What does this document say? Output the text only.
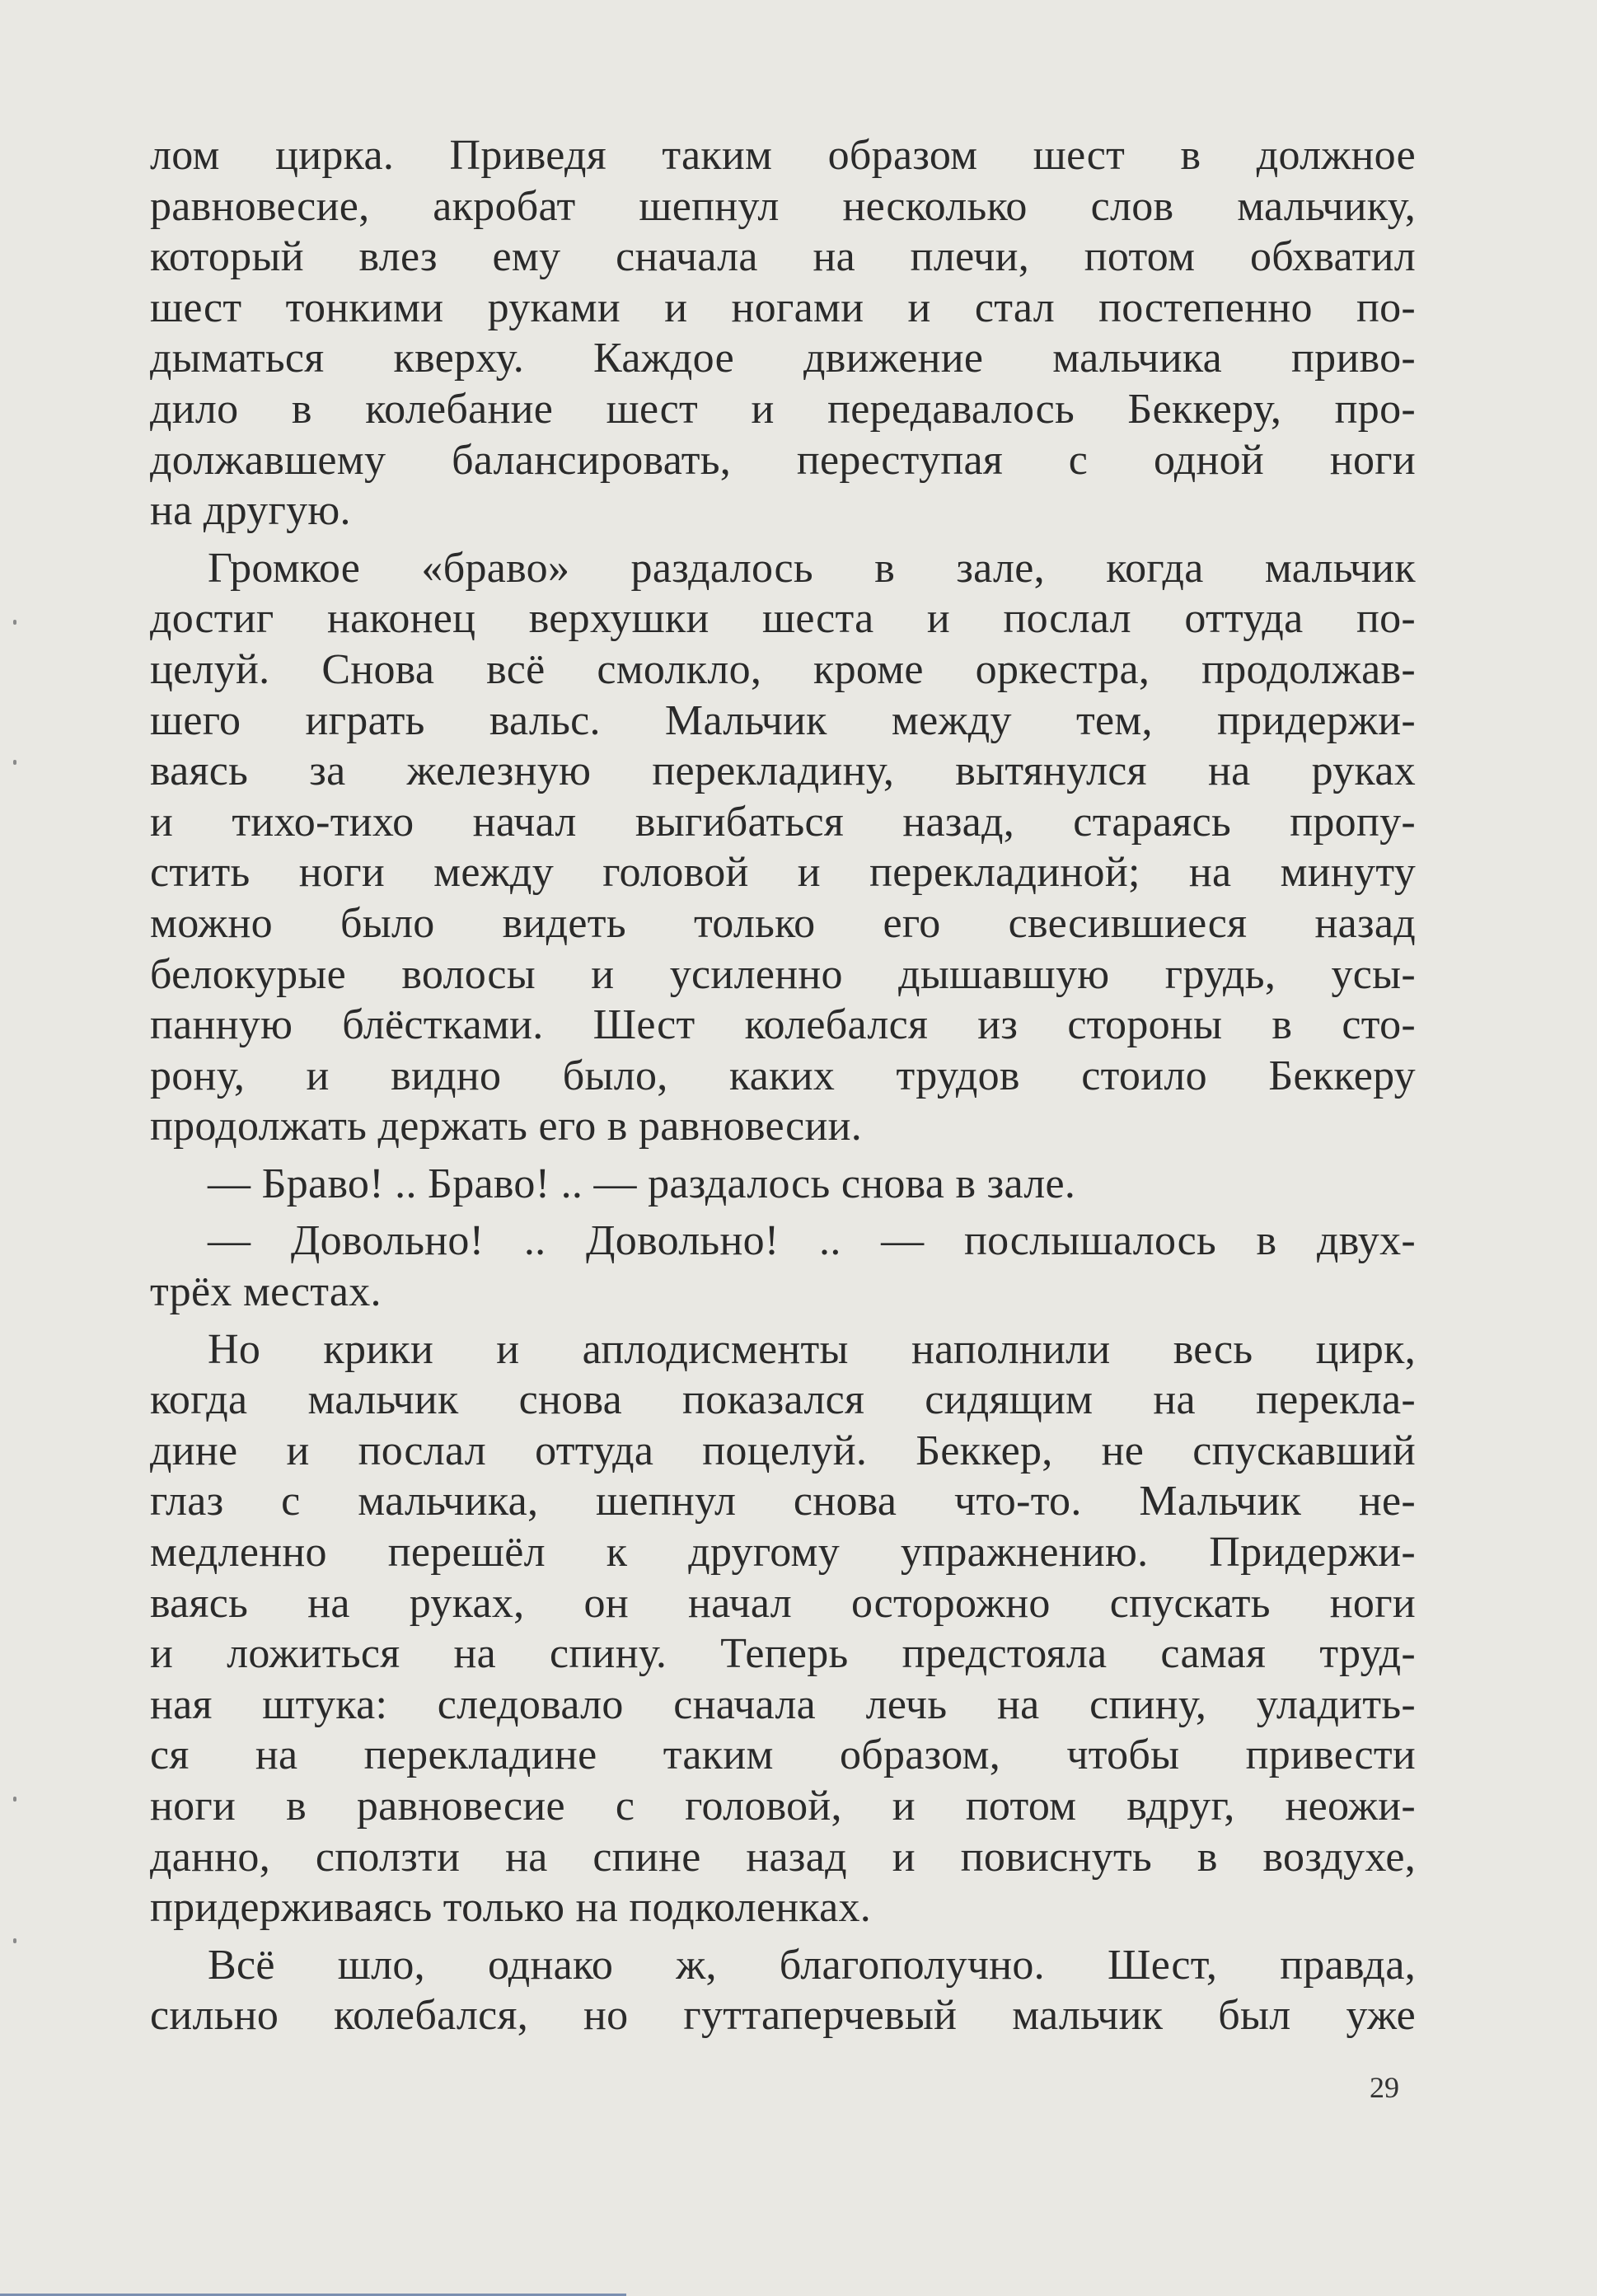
лом цирка. Приведя таким образом шест в должное
равновесие, акробат шепнул несколько слов мальчику,
который влез ему сначала на плечи, потом обхватил
шест тонкими руками и ногами и стал постепенно по-
дыматься кверху. Каждое движение мальчика приво-
дило в колебание шест и передавалось Беккеру, про-
должавшему балансировать, переступая с одной ноги
на другую.
Громкое «браво» раздалось в зале, когда мальчик
достиг наконец верхушки шеста и послал оттуда по-
целуй. Снова всё смолкло, кроме оркестра, продолжав-
шего играть вальс. Мальчик между тем, придержи-
ваясь за железную перекладину, вытянулся на руках
и тихо-тихо начал выгибаться назад, стараясь пропу-
стить ноги между головой и перекладиной; на минуту
можно было видеть только его свесившиеся назад
белокурые волосы и усиленно дышавшую грудь, усы-
панную блёстками. Шест колебался из стороны в сто-
рону, и видно было, каких трудов стоило Беккеру
продолжать держать его в равновесии.
— Браво! .. Браво! .. — раздалось снова в зале.
— Довольно! .. Довольно! .. — послышалось в двух-
трёх местах.
Но крики и аплодисменты наполнили весь цирк,
когда мальчик снова показался сидящим на перекла-
дине и послал оттуда поцелуй. Беккер, не спускавший
глаз с мальчика, шепнул снова что-то. Мальчик не-
медленно перешёл к другому упражнению. Придержи-
ваясь на руках, он начал осторожно спускать ноги
и ложиться на спину. Теперь предстояла самая труд-
ная штука: следовало сначала лечь на спину, уладить-
ся на перекладине таким образом, чтобы привести
ноги в равновесие с головой, и потом вдруг, неожи-
данно, сползти на спине назад и повиснуть в воздухе,
придерживаясь только на подколенках.
Всё шло, однако ж, благополучно. Шест, правда,
сильно колебался, но гуттаперчевый мальчик был уже
29
